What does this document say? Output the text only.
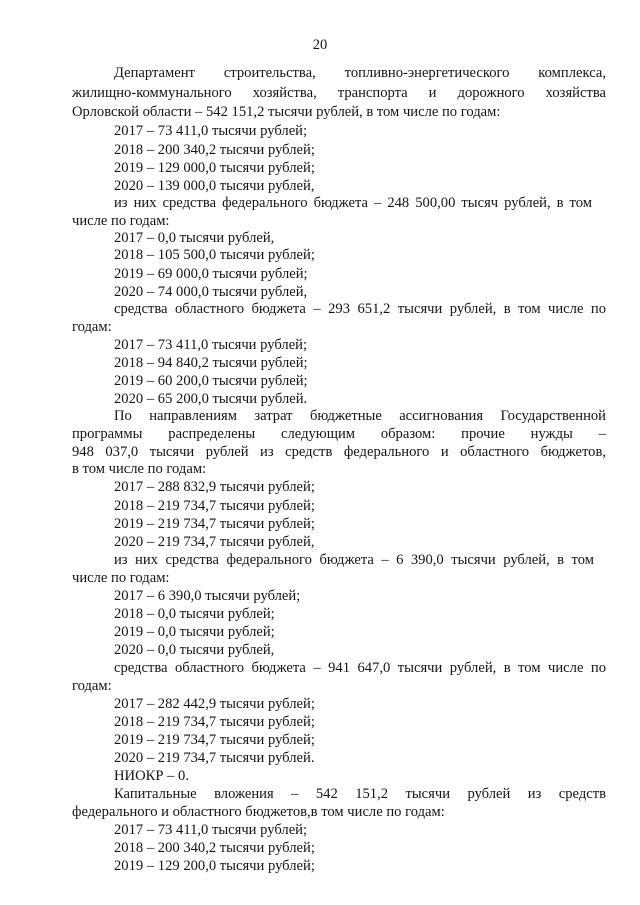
20
Департамент строительства, топливно-энергетического комплекса,
жилищно-коммунального хозяйства, транспорта и дорожного хозяйства
Орловской области – 542 151,2 тысячи рублей, в том числе по годам:
2017 – 73 411,0 тысячи рублей;
2018 – 200 340,2 тысячи рублей;
2019 – 129 000,0 тысячи рублей;
2020 – 139 000,0 тысячи рублей,
из них средства федерального бюджета – 248 500,00 тысяч рублей, в том
числе по годам:
2017 – 0,0 тысячи рублей,
2018 – 105 500,0 тысячи рублей;
2019 – 69 000,0 тысячи рублей;
2020 – 74 000,0 тысячи рублей,
средства областного бюджета – 293 651,2 тысячи рублей, в том числе по
годам:
2017 – 73 411,0 тысячи рублей;
2018 – 94 840,2 тысячи рублей;
2019 – 60 200,0 тысячи рублей;
2020 – 65 200,0 тысячи рублей.
По направлениям затрат бюджетные ассигнования Государственной
программы распределены следующим образом: прочие нужды –
948 037,0 тысячи рублей из средств федерального и областного бюджетов,
в том числе по годам:
2017 – 288 832,9 тысячи рублей;
2018 – 219 734,7 тысячи рублей;
2019 – 219 734,7 тысячи рублей;
2020 – 219 734,7 тысячи рублей,
из них средства федерального бюджета – 6 390,0 тысячи рублей, в том
числе по годам:
2017 – 6 390,0 тысячи рублей;
2018 – 0,0 тысячи рублей;
2019 – 0,0 тысячи рублей;
2020 – 0,0 тысячи рублей,
средства областного бюджета – 941 647,0 тысячи рублей, в том числе по
годам:
2017 – 282 442,9 тысячи рублей;
2018 – 219 734,7 тысячи рублей;
2019 – 219 734,7 тысячи рублей;
2020 – 219 734,7 тысячи рублей.
НИОКР – 0.
Капитальные вложения – 542 151,2 тысячи рублей из средств
федерального и областного бюджетов,в том числе по годам:
2017 – 73 411,0 тысячи рублей;
2018 – 200 340,2 тысячи рублей;
2019 – 129 200,0 тысячи рублей;
